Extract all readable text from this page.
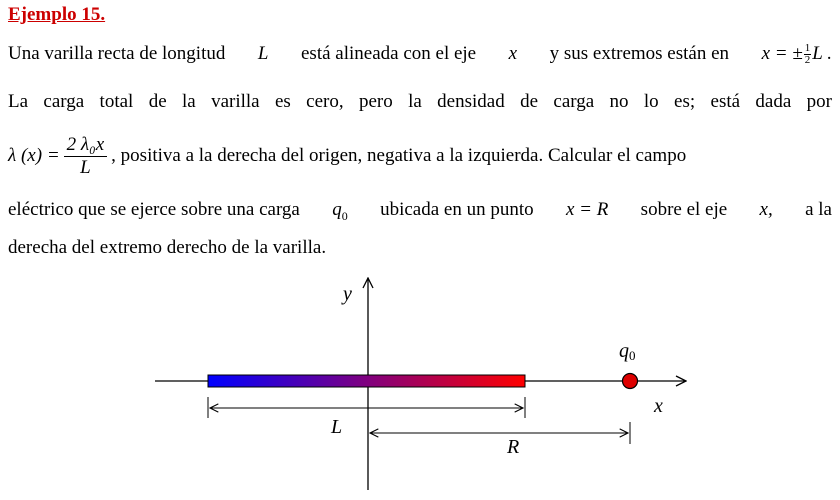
Ejemplo 15.
Una varilla recta de longitud L está alineada con el eje x y sus extremos están en x = ± $\frac{1}{2}$ L .
La carga total de la varilla es cero, pero la densidad de carga no lo es; está dada por
λ $(x) = \frac{\text{2 λ₀x}}{L}$ , positiva a la derecha del origen, negativa a la izquierda. Calcular el campo
eléctrico que se ejerce sobre una carga $q_0$ ubicada en un punto x = R sobre el eje x, a la
derecha del extremo derecho de la varilla.
y
x
q0
L
R
